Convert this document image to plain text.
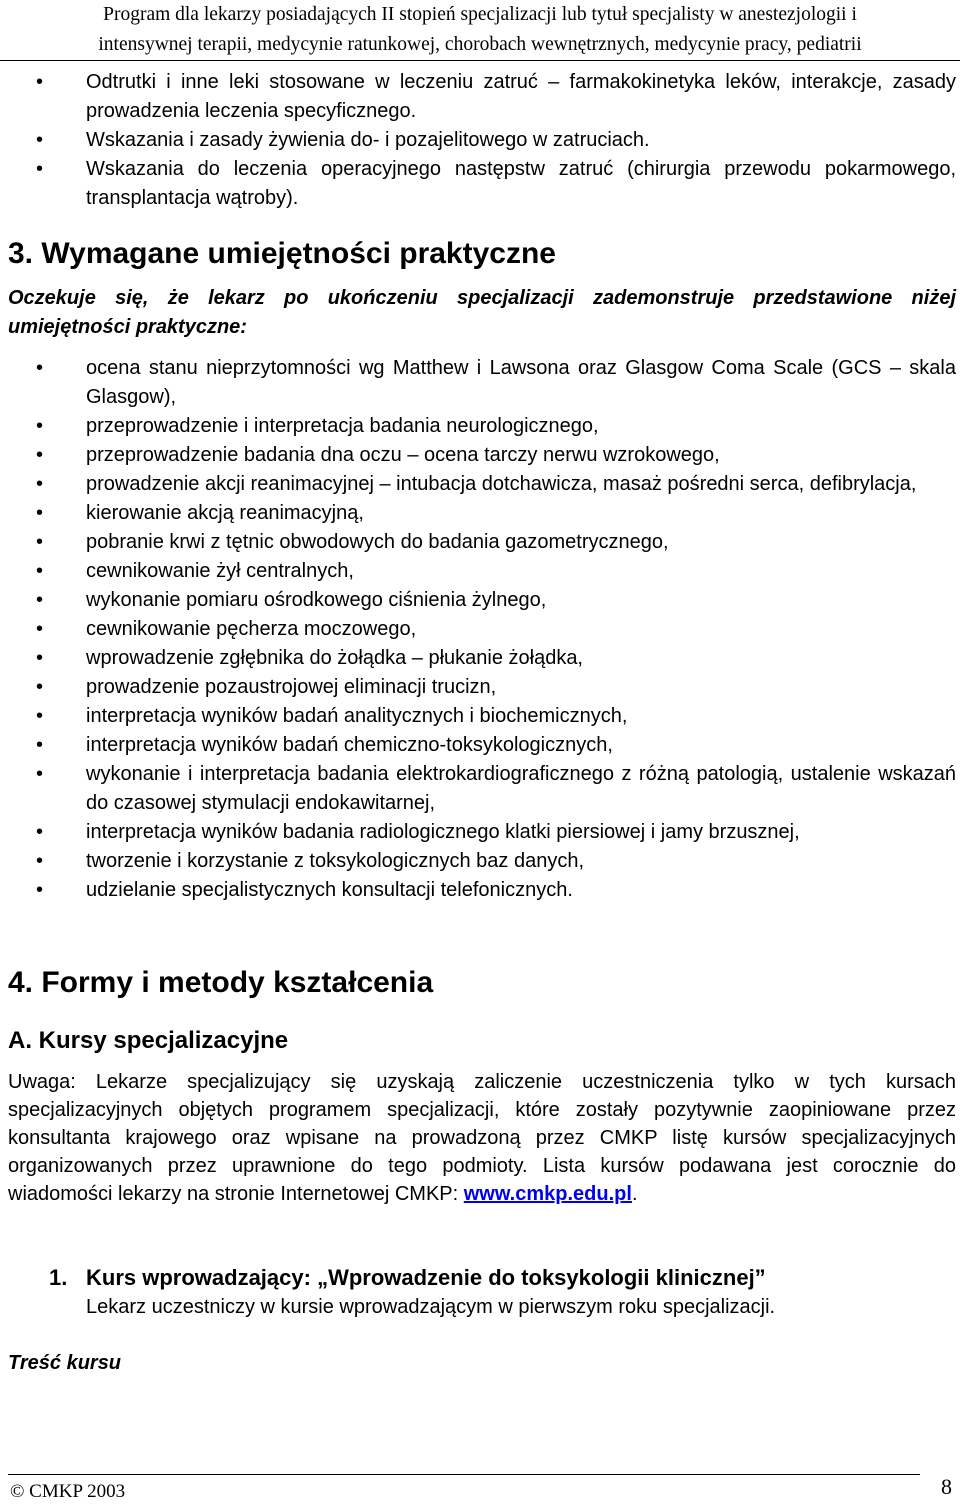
Program dla lekarzy posiadających II stopień specjalizacji lub tytuł specjalisty w anestezjologii i
intensywnej terapii, medycynie ratunkowej, chorobach wewnętrznych, medycynie pracy, pediatrii
• Odtrutki i inne leki stosowane w leczeniu zatruć – farmakokinetyka leków, interakcje, zasady prowadzenia leczenia specyficznego.
• Wskazania i zasady żywienia do- i pozajelitowego w zatruciach.
• Wskazania do leczenia operacyjnego następstw zatruć (chirurgia przewodu pokarmowego, transplantacja wątroby).
3. Wymagane umiejętności praktyczne
Oczekuje się, że lekarz po ukończeniu specjalizacji zademonstruje przedstawione niżej umiejętności praktyczne:
• ocena stanu nieprzytomności wg Matthew i Lawsona oraz Glasgow Coma Scale (GCS – skala Glasgow),
• przeprowadzenie i interpretacja badania neurologicznego,
• przeprowadzenie badania dna oczu – ocena tarczy nerwu wzrokowego,
• prowadzenie akcji reanimacyjnej – intubacja dotchawicza, masaż pośredni serca, defibrylacja,
• kierowanie akcją reanimacyjną,
• pobranie krwi z tętnic obwodowych do badania gazometrycznego,
• cewnikowanie żył centralnych,
• wykonanie pomiaru ośrodkowego ciśnienia żylnego,
• cewnikowanie pęcherza moczowego,
• wprowadzenie zgłębnika do żołądka – płukanie żołądka,
• prowadzenie pozaustrojowej eliminacji trucizn,
• interpretacja wyników badań analitycznych i biochemicznych,
• interpretacja wyników badań chemiczno-toksykologicznych,
• wykonanie i interpretacja badania elektrokardiograficznego z różną patologią, ustalenie wskazań do czasowej stymulacji endokawitarnej,
• interpretacja wyników badania radiologicznego klatki piersiowej i jamy brzusznej,
• tworzenie i korzystanie z toksykologicznych baz danych,
• udzielanie specjalistycznych konsultacji telefonicznych.
4. Formy i metody kształcenia
A. Kursy specjalizacyjne
Uwaga: Lekarze specjalizujący się uzyskają zaliczenie uczestniczenia tylko w tych kursach specjalizacyjnych objętych programem specjalizacji, które zostały pozytywnie zaopiniowane przez konsultanta krajowego oraz wpisane na prowadzoną przez CMKP listę kursów specjalizacyjnych organizowanych przez uprawnione do tego podmioty. Lista kursów podawana jest corocznie do wiadomości lekarzy na stronie Internetowej CMKP: www.cmkp.edu.pl.
1. Kurs wprowadzający: „Wprowadzenie do toksykologii klinicznej”
Lekarz uczestniczy w kursie wprowadzającym w pierwszym roku specjalizacji.
Treść kursu
© CMKP 2003	8
